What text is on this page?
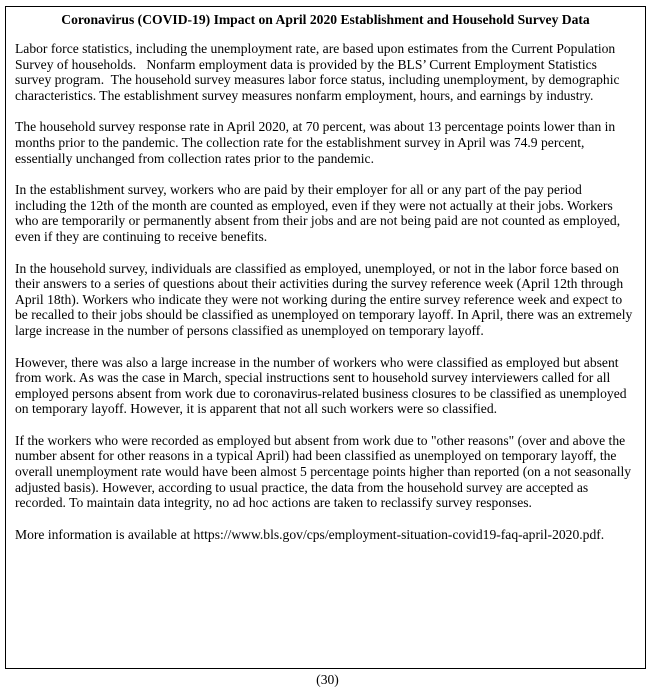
Coronavirus (COVID-19) Impact on April 2020 Establishment and Household Survey Data

Labor force statistics, including the unemployment rate, are based upon estimates from the Current Population Survey of households.   Nonfarm employment data is provided by the BLS’ Current Employment Statistics survey program.  The household survey measures labor force status, including unemployment, by demographic characteristics. The establishment survey measures nonfarm employment, hours, and earnings by industry.

The household survey response rate in April 2020, at 70 percent, was about 13 percentage points lower than in months prior to the pandemic. The collection rate for the establishment survey in April was 74.9 percent, essentially unchanged from collection rates prior to the pandemic.

In the establishment survey, workers who are paid by their employer for all or any part of the pay period including the 12th of the month are counted as employed, even if they were not actually at their jobs. Workers who are temporarily or permanently absent from their jobs and are not being paid are not counted as employed, even if they are continuing to receive benefits.

In the household survey, individuals are classified as employed, unemployed, or not in the labor force based on their answers to a series of questions about their activities during the survey reference week (April 12th through April 18th). Workers who indicate they were not working during the entire survey reference week and expect to be recalled to their jobs should be classified as unemployed on temporary layoff. In April, there was an extremely large increase in the number of persons classified as unemployed on temporary layoff.

However, there was also a large increase in the number of workers who were classified as employed but absent from work. As was the case in March, special instructions sent to household survey interviewers called for all employed persons absent from work due to coronavirus-related business closures to be classified as unemployed on temporary layoff. However, it is apparent that not all such workers were so classified.

If the workers who were recorded as employed but absent from work due to "other reasons" (over and above the number absent for other reasons in a typical April) had been classified as unemployed on temporary layoff, the overall unemployment rate would have been almost 5 percentage points higher than reported (on a not seasonally adjusted basis). However, according to usual practice, the data from the household survey are accepted as recorded. To maintain data integrity, no ad hoc actions are taken to reclassify survey responses.

More information is available at https://www.bls.gov/cps/employment-situation-covid19-faq-april-2020.pdf.

(30)
